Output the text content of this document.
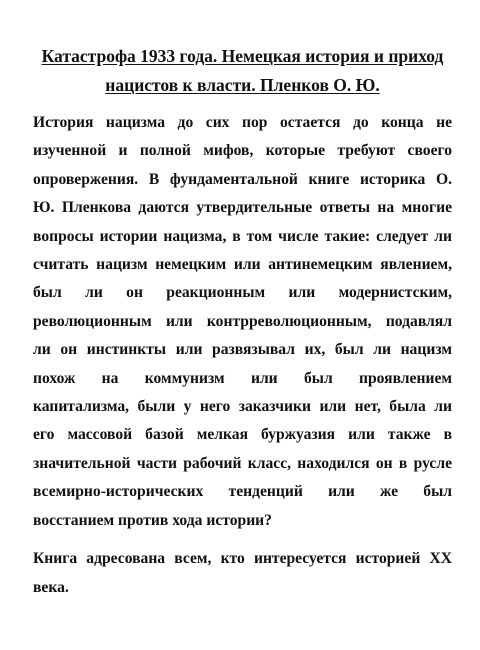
Катастрофа 1933 года. Немецкая история и приход
нацистов к власти. Пленков О. Ю.

История нацизма до сих пор остается до конца не
изученной и полной мифов, которые требуют своего
опровержения. В фундаментальной книге историка О.
Ю. Пленкова даются утвердительные ответы на многие
вопросы истории нацизма, в том числе такие: следует ли
считать нацизм немецким или антинемецким явлением,
был ли он реакционным или модернистским,
революционным или контрреволюционным, подавлял
ли он инстинкты или развязывал их, был ли нацизм
похож на коммунизм или был проявлением
капитализма, были у него заказчики или нет, была ли
его массовой базой мелкая буржуазия или также в
значительной части рабочий класс, находился он в русле
всемирно-исторических тенденций или же был
восстанием против хода истории?

Книга адресована всем, кто интересуется историей XX
века.
